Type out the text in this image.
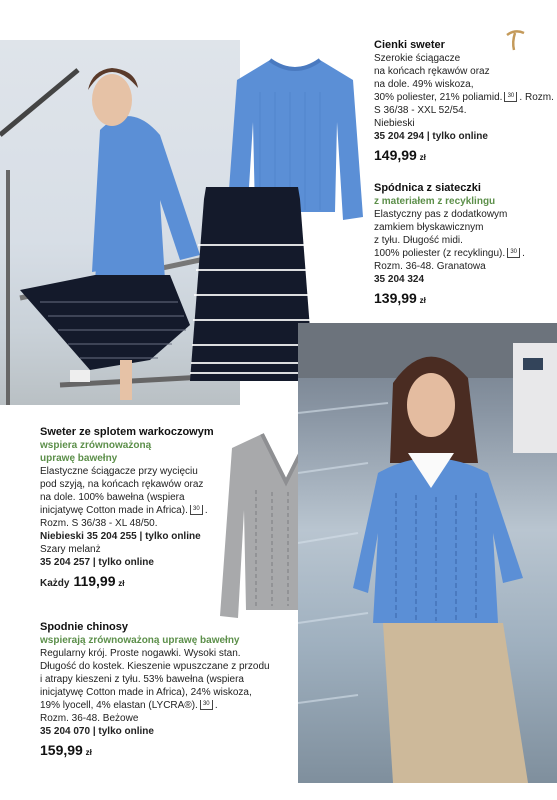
Cienki sweter
Szerokie ściągacze
na końcach rękawów oraz
na dole. 49% wiskoza,
30% poliester, 21% poliamid. 30 . Rozm. S 36/38 - XXL 52/54.
Niebieski
35 204 294 | tylko online
149,99 zł
Spódnica z siateczki
z materiałem z recyklingu
Elastyczny pas z dodatkowym
zamkiem błyskawicznym
z tyłu. Długość midi.
100% poliester (z recyklingu). 30 . Rozm. 36-48. Granatowa
35 204 324
139,99 zł
Sweter ze splotem warkoczowym
wspiera zrównoważoną
uprawę bawełny
Elastyczne ściągacze przy wycięciu
pod szyją, na końcach rękawów oraz
na dole. 100% bawełna (wspiera
inicjatywę Cotton made in Africa). 30 .
Rozm. S 36/38 - XL 48/50.
Niebieski 35 204 255 | tylko online
Szary melanż
35 204 257 | tylko online
Każdy 119,99 zł
Spodnie chinosy
wspierają zrównoważoną uprawę bawełny
Regularny krój. Proste nogawki. Wysoki stan.
Długość do kostek. Kieszenie wpuszczane z przodu
i atrapy kieszeni z tyłu. 53% bawełna (wspiera
inicjatywę Cotton made in Africa), 24% wiskoza,
19% lyocell, 4% elastan (LYCRA®). 30 .
Rozm. 36-48. Beżowe
35 204 070 | tylko online
159,99 zł
